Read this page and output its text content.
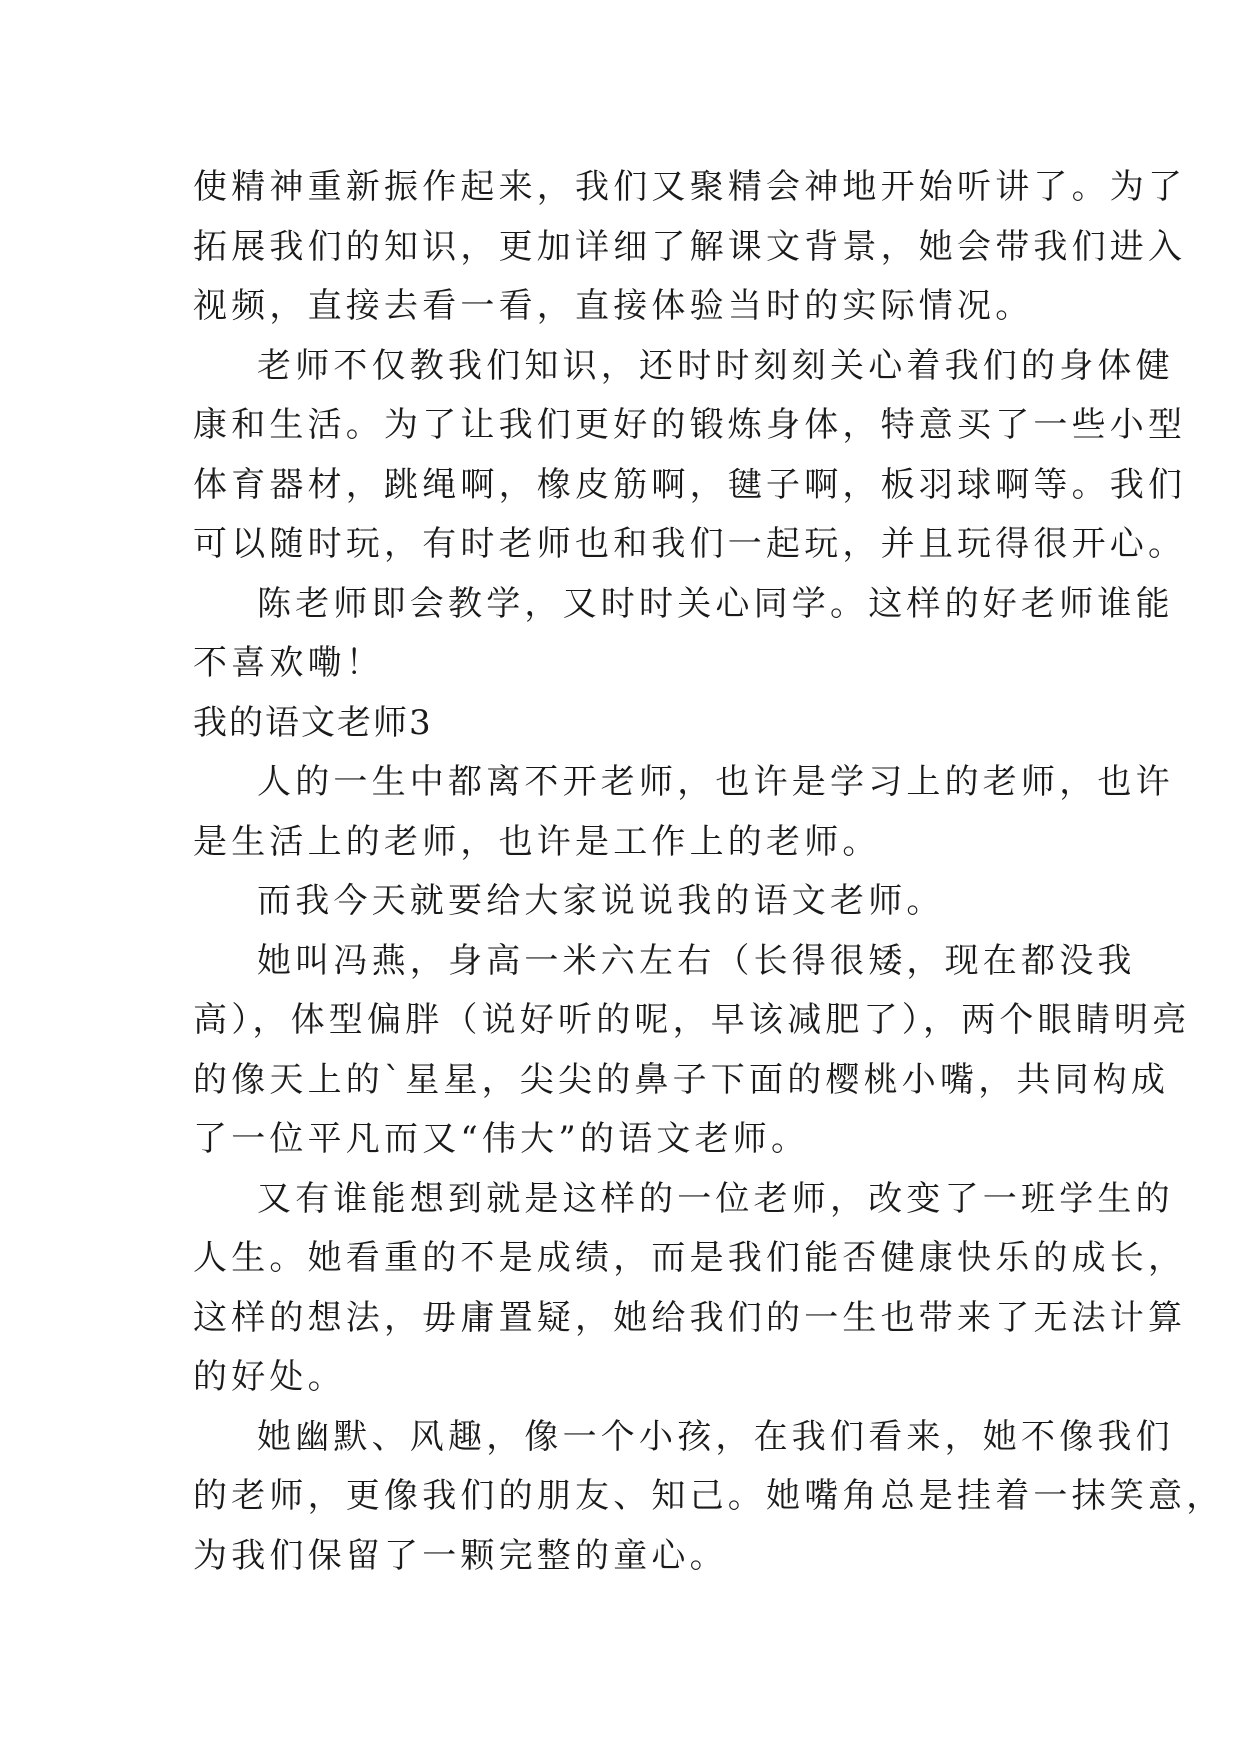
使精神重新振作起来，我们又聚精会神地开始听讲了。为了
拓展我们的知识，更加详细了解课文背景，她会带我们进入
视频，直接去看一看，直接体验当时的实际情况。
老师不仅教我们知识，还时时刻刻关心着我们的身体健
康和生活。为了让我们更好的锻炼身体，特意买了一些小型
体育器材，跳绳啊，橡皮筋啊，毽子啊，板羽球啊等。我们
可以随时玩，有时老师也和我们一起玩，并且玩得很开心。
陈老师即会教学，又时时关心同学。这样的好老师谁能
不喜欢嘞！
我的语文老师3
人的一生中都离不开老师，也许是学习上的老师，也许
是生活上的老师，也许是工作上的老师。
而我今天就要给大家说说我的语文老师。
她叫冯燕，身高一米六左右（长得很矮，现在都没我
高），体型偏胖（说好听的呢，早该减肥了），两个眼睛明亮
的像天上的`星星，尖尖的鼻子下面的樱桃小嘴，共同构成
了一位平凡而又“伟大”的语文老师。
又有谁能想到就是这样的一位老师，改变了一班学生的
人生。她看重的不是成绩，而是我们能否健康快乐的成长，
这样的想法，毋庸置疑，她给我们的一生也带来了无法计算
的好处。
她幽默、风趣，像一个小孩，在我们看来，她不像我们
的老师，更像我们的朋友、知己。她嘴角总是挂着一抹笑意，
为我们保留了一颗完整的童心。
